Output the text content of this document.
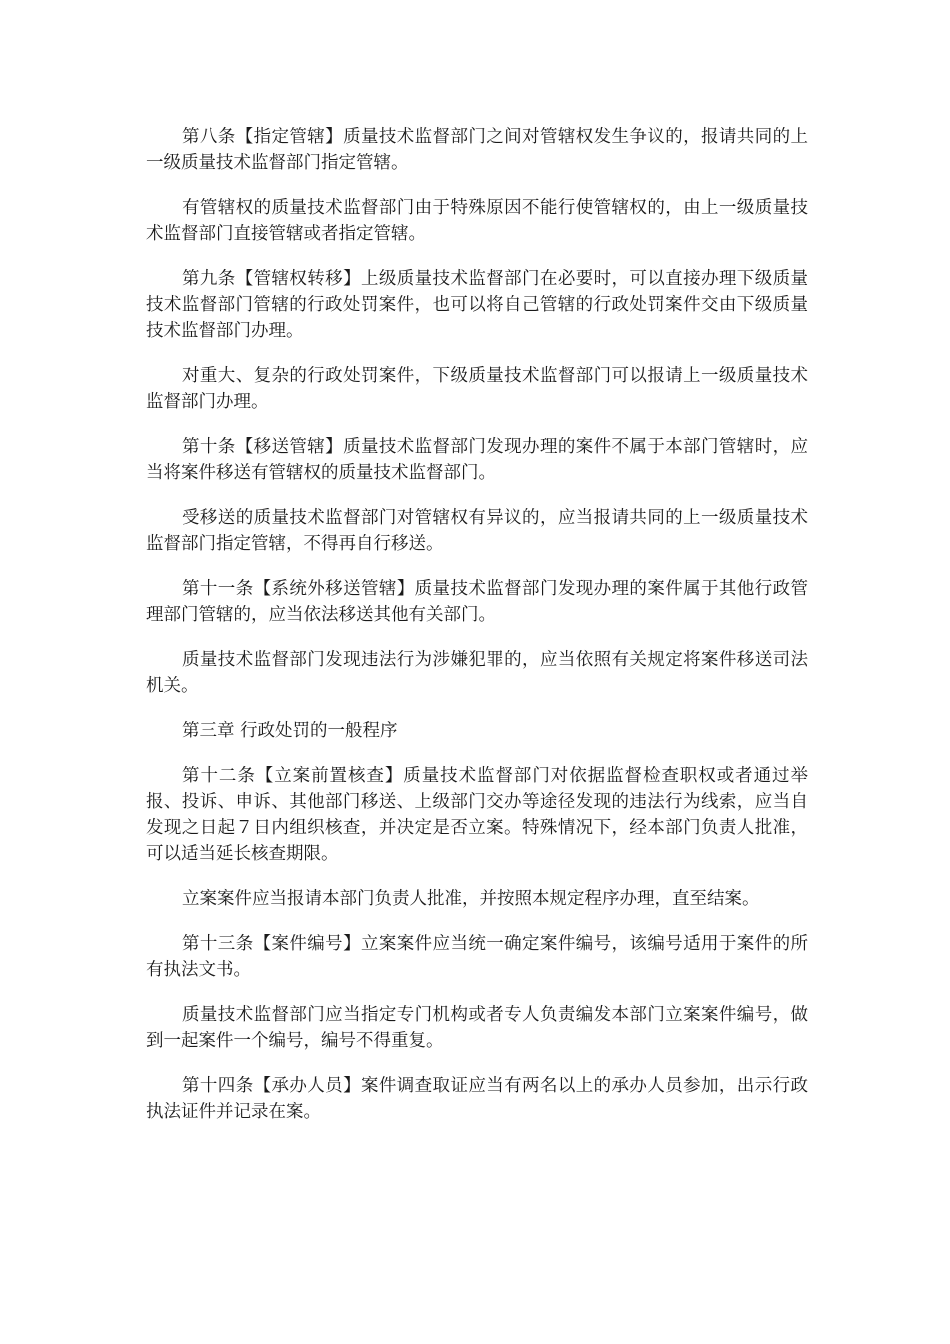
第八条【指定管辖】质量技术监督部门之间对管辖权发生争议的，报请共同的上一级质量技术监督部门指定管辖。

有管辖权的质量技术监督部门由于特殊原因不能行使管辖权的，由上一级质量技术监督部门直接管辖或者指定管辖。

第九条【管辖权转移】上级质量技术监督部门在必要时，可以直接办理下级质量技术监督部门管辖的行政处罚案件，也可以将自己管辖的行政处罚案件交由下级质量技术监督部门办理。

对重大、复杂的行政处罚案件，下级质量技术监督部门可以报请上一级质量技术监督部门办理。

第十条【移送管辖】质量技术监督部门发现办理的案件不属于本部门管辖时，应当将案件移送有管辖权的质量技术监督部门。

受移送的质量技术监督部门对管辖权有异议的，应当报请共同的上一级质量技术监督部门指定管辖，不得再自行移送。

第十一条【系统外移送管辖】质量技术监督部门发现办理的案件属于其他行政管理部门管辖的，应当依法移送其他有关部门。

质量技术监督部门发现违法行为涉嫌犯罪的，应当依照有关规定将案件移送司法机关。

第三章 行政处罚的一般程序

第十二条【立案前置核查】质量技术监督部门对依据监督检查职权或者通过举报、投诉、申诉、其他部门移送、上级部门交办等途径发现的违法行为线索，应当自发现之日起７日内组织核查，并决定是否立案。特殊情况下，经本部门负责人批准，可以适当延长核查期限。

立案案件应当报请本部门负责人批准，并按照本规定程序办理，直至结案。

第十三条【案件编号】立案案件应当统一确定案件编号，该编号适用于案件的所有执法文书。

质量技术监督部门应当指定专门机构或者专人负责编发本部门立案案件编号，做到一起案件一个编号，编号不得重复。

第十四条【承办人员】案件调查取证应当有两名以上的承办人员参加，出示行政执法证件并记录在案。
